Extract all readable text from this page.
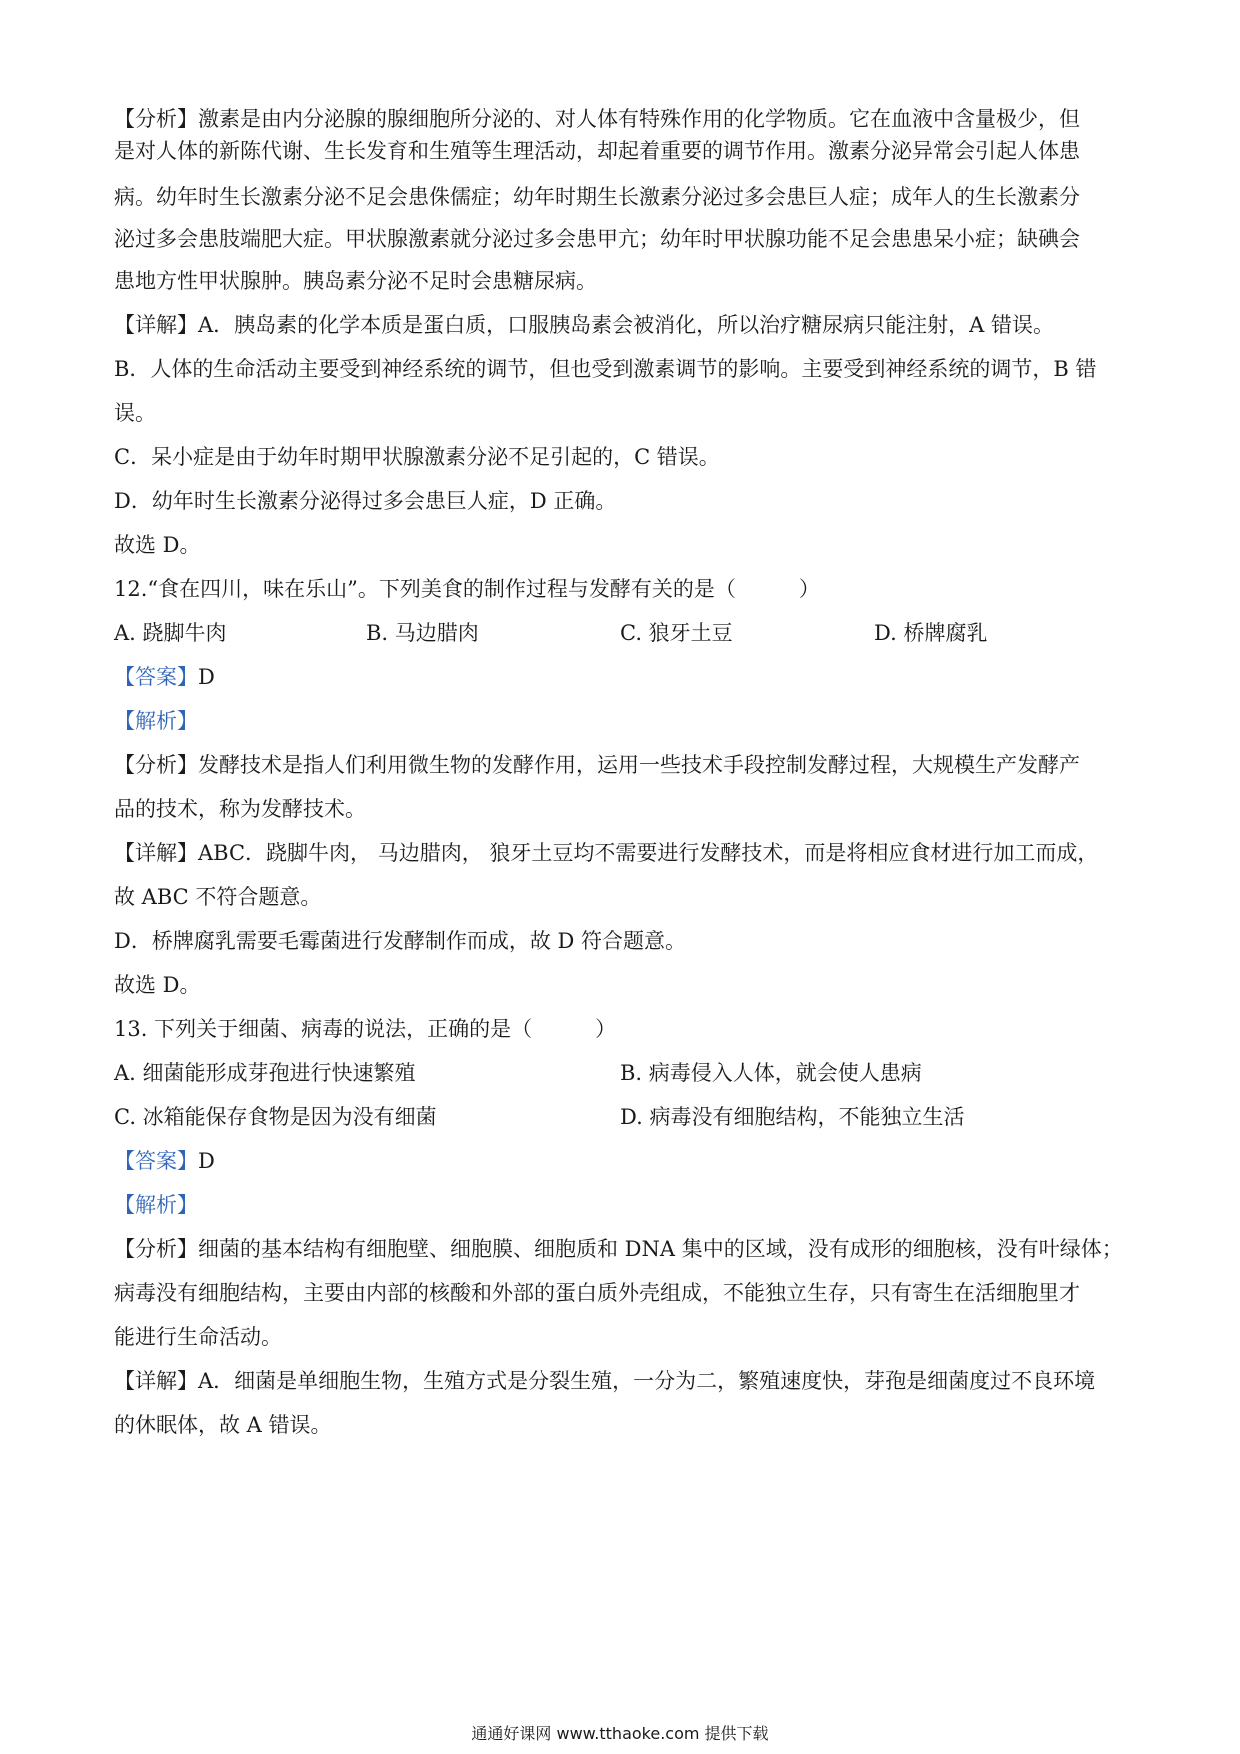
【分析】激素是由内分泌腺的腺细胞所分泌的、对人体有特殊作用的化学物质。它在血液中含量极少，但
是对人体的新陈代谢、生长发育和生殖等生理活动，却起着重要的调节作用。激素分泌异常会引起人体患
病。幼年时生长激素分泌不足会患侏儒症；幼年时期生长激素分泌过多会患巨人症；成年人的生长激素分
泌过多会患肢端肥大症。甲状腺激素就分泌过多会患甲亢；幼年时甲状腺功能不足会患患呆小症；缺碘会
患地方性甲状腺肿。胰岛素分泌不足时会患糖尿病。
【详解】A．胰岛素的化学本质是蛋白质，口服胰岛素会被消化，所以治疗糖尿病只能注射，A 错误。
B．人体的生命活动主要受到神经系统的调节，但也受到激素调节的影响。主要受到神经系统的调节，B 错
误。
C．呆小症是由于幼年时期甲状腺激素分泌不足引起的，C 错误。
D．幼年时生长激素分泌得过多会患巨人症，D 正确。
故选 D。
12.“食在四川，味在乐山”。下列美食的制作过程与发酵有关的是（　　　）
A. 跷脚牛肉	B. 马边腊肉	C. 狼牙土豆	D. 桥牌腐乳
【答案】D
【解析】
【分析】发酵技术是指人们利用微生物的发酵作用，运用一些技术手段控制发酵过程，大规模生产发酵产
品的技术，称为发酵技术。
【详解】ABC．跷脚牛肉， 马边腊肉， 狼牙土豆均不需要进行发酵技术，而是将相应食材进行加工而成，
故 ABC 不符合题意。
D．桥牌腐乳需要毛霉菌进行发酵制作而成，故 D 符合题意。
故选 D。
13. 下列关于细菌、病毒的说法，正确的是（　　　）
A. 细菌能形成芽孢进行快速繁殖	B. 病毒侵入人体，就会使人患病
C. 冰箱能保存食物是因为没有细菌	D. 病毒没有细胞结构，不能独立生活
【答案】D
【解析】
【分析】细菌的基本结构有细胞壁、细胞膜、细胞质和 DNA 集中的区域，没有成形的细胞核，没有叶绿体；
病毒没有细胞结构，主要由内部的核酸和外部的蛋白质外壳组成，不能独立生存，只有寄生在活细胞里才
能进行生命活动。
【详解】A．细菌是单细胞生物，生殖方式是分裂生殖，一分为二，繁殖速度快，芽孢是细菌度过不良环境
的休眠体，故 A 错误。
通通好课网 www.tthaoke.com 提供下载
